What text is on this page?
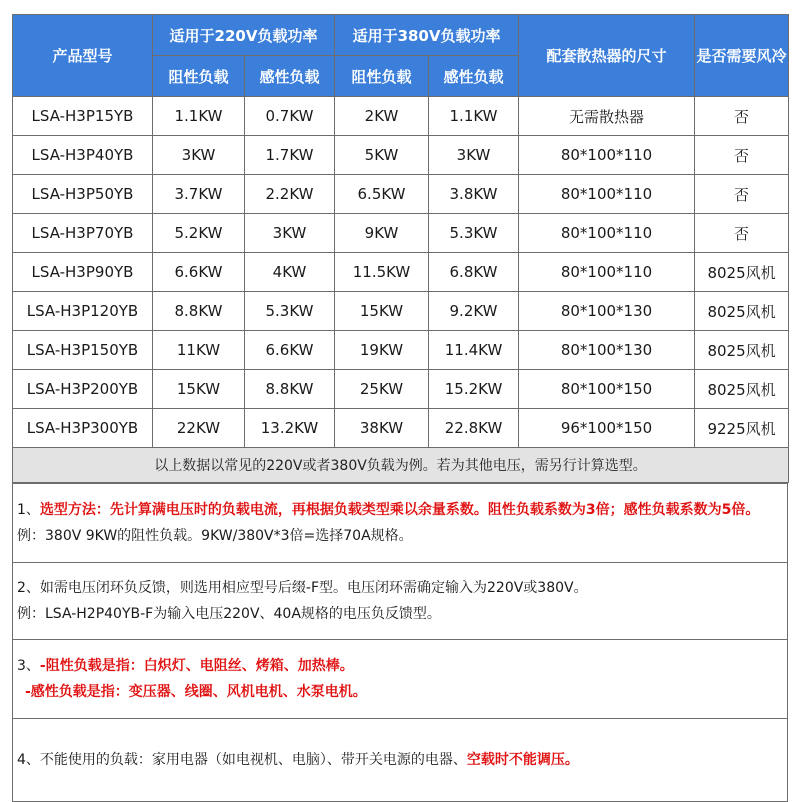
产品型号	适用于220V负载功率		适用于380V负载功率		配套散热器的尺寸	是否需要风冷
	阻性负载	感性负载	阻性负载	感性负载		
LSA-H3P15YB	1.1KW	0.7KW	2KW	1.1KW	无需散热器	否
LSA-H3P40YB	3KW	1.7KW	5KW	3KW	80*100*110	否
LSA-H3P50YB	3.7KW	2.2KW	6.5KW	3.8KW	80*100*110	否
LSA-H3P70YB	5.2KW	3KW	9KW	5.3KW	80*100*110	否
LSA-H3P90YB	6.6KW	4KW	11.5KW	6.8KW	80*100*110	8025风机
LSA-H3P120YB	8.8KW	5.3KW	15KW	9.2KW	80*100*130	8025风机
LSA-H3P150YB	11KW	6.6KW	19KW	11.4KW	80*100*130	8025风机
LSA-H3P200YB	15KW	8.8KW	25KW	15.2KW	80*100*150	8025风机
LSA-H3P300YB	22KW	13.2KW	38KW	22.8KW	96*100*150	9225风机
以上数据以常见的220V或者380V负载为例。若为其他电压，需另行计算选型。						
1、选型方法：先计算满电压时的负载电流，再根据负载类型乘以余量系数。阻性负载系数为3倍；感性负载系数为5倍。
例：380V 9KW的阻性负载。9KW/380V*3倍=选择70A规格。
2、如需电压闭环负反馈，则选用相应型号后缀-F型。电压闭环需确定输入为220V或380V。
例：LSA-H2P40YB-F为输入电压220V、40A规格的电压负反馈型。
3、-阻性负载是指：白炽灯、电阻丝、烤箱、加热棒。
-感性负载是指：变压器、线圈、风机电机、水泵电机。
4、不能使用的负载：家用电器（如电视机、电脑）、带开关电源的电器、空载时不能调压。
